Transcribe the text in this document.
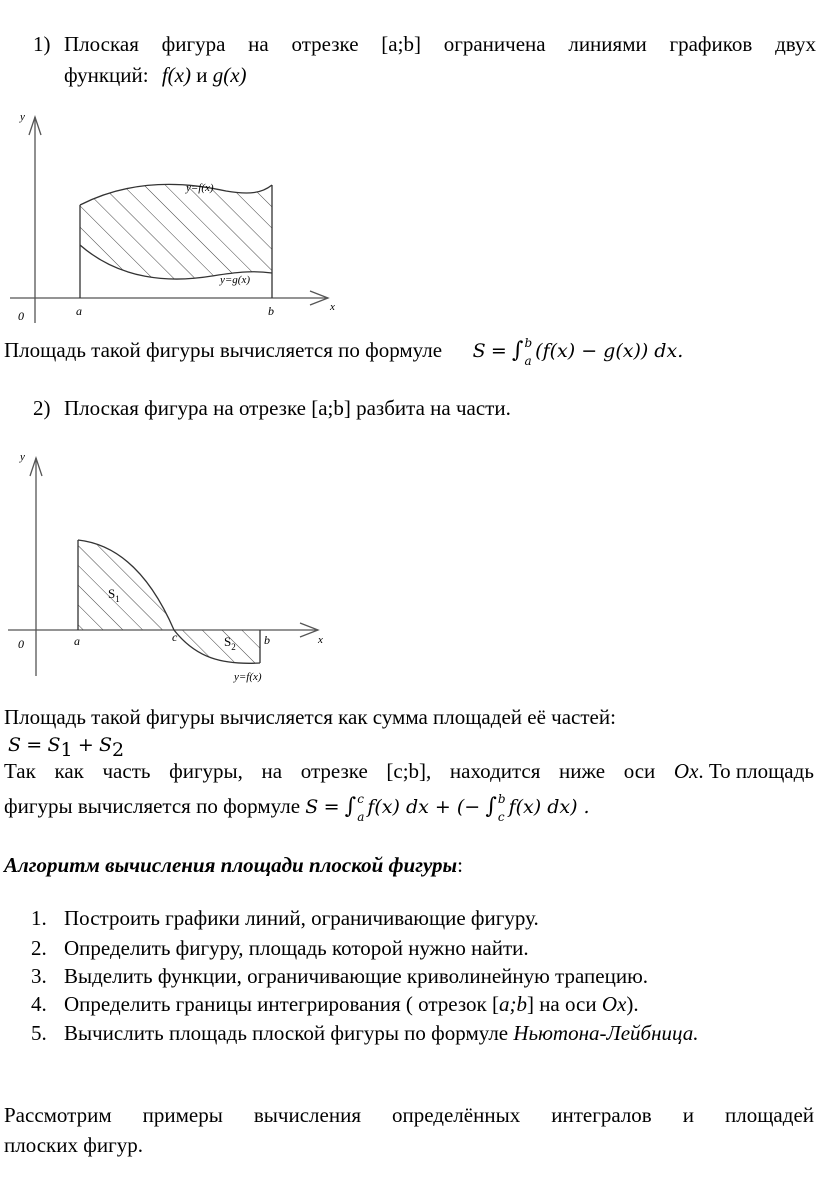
1) Плоская фигура на отрезке [a;b] ограничена линиями графиков двух
функций: f(x) и g(x)
y
x
0	a	b
y=f(x)
y=g(x)
Площадь такой фигуры вычисляется по формуле S = ∫ b
a (f(x) − g(x)) dx.
2) Плоская фигура на отрезке [a;b] разбита на части.
y
x
0	a	c	b
$S_1$
$S_2$
y=f(x)
Площадь такой фигуры вычисляется как сумма площадей её частей:
$S = S_1 + S_2$
Так как часть фигуры, на отрезке [c;b], находится ниже оси Ox. То площадь
фигуры вычисляется по формуле S = ∫ c
a f(x) dx + (− ∫ b
c f(x) dx) .
Алгоритм вычисления площади плоской фигуры:
1. Построить графики линий, ограничивающие фигуру.
2. Определить фигуру, площадь которой нужно найти.
3. Выделить функции, ограничивающие криволинейную трапецию.
4. Определить границы интегрирования ( отрезок [a;b] на оси Ox).
5. Вычислить площадь плоской фигуры по формуле Ньютона-Лейбница.
Рассмотрим примеры вычисления определённых интегралов и площадей
плоских фигур.
